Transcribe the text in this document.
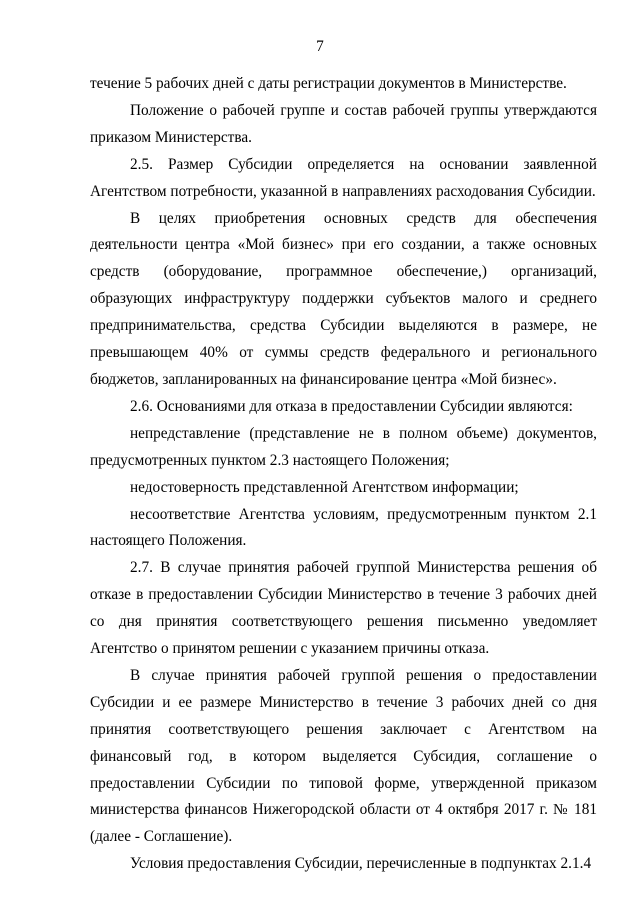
7

течение 5 рабочих дней с даты регистрации документов в Министерстве.

Положение о рабочей группе и состав рабочей группы утверждаются приказом Министерства.

2.5. Размер Субсидии определяется на основании заявленной Агентством потребности, указанной в направлениях расходования Субсидии.

В целях приобретения основных средств для обеспечения деятельности центра «Мой бизнес» при его создании, а также основных средств (оборудование, программное обеспечение,) организаций, образующих инфраструктуру поддержки субъектов малого и среднего предпринимательства, средства Субсидии выделяются в размере, не превышающем 40% от суммы средств федерального и регионального бюджетов, запланированных на финансирование центра «Мой бизнес».

2.6. Основаниями для отказа в предоставлении Субсидии являются:

непредставление (представление не в полном объеме) документов, предусмотренных пунктом 2.3 настоящего Положения;

недостоверность представленной Агентством информации;

несоответствие Агентства условиям, предусмотренным пунктом 2.1 настоящего Положения.

2.7. В случае принятия рабочей группой Министерства решения об отказе в предоставлении Субсидии Министерство в течение 3 рабочих дней со дня принятия соответствующего решения письменно уведомляет Агентство о принятом решении с указанием причины отказа.

В случае принятия рабочей группой решения о предоставлении Субсидии и ее размере Министерство в течение 3 рабочих дней со дня принятия соответствующего решения заключает с Агентством на финансовый год, в котором выделяется Субсидия, соглашение о предоставлении Субсидии по типовой форме, утвержденной приказом министерства финансов Нижегородской области от 4 октября 2017 г. № 181 (далее - Соглашение).

Условия предоставления Субсидии, перечисленные в подпунктах 2.1.4
